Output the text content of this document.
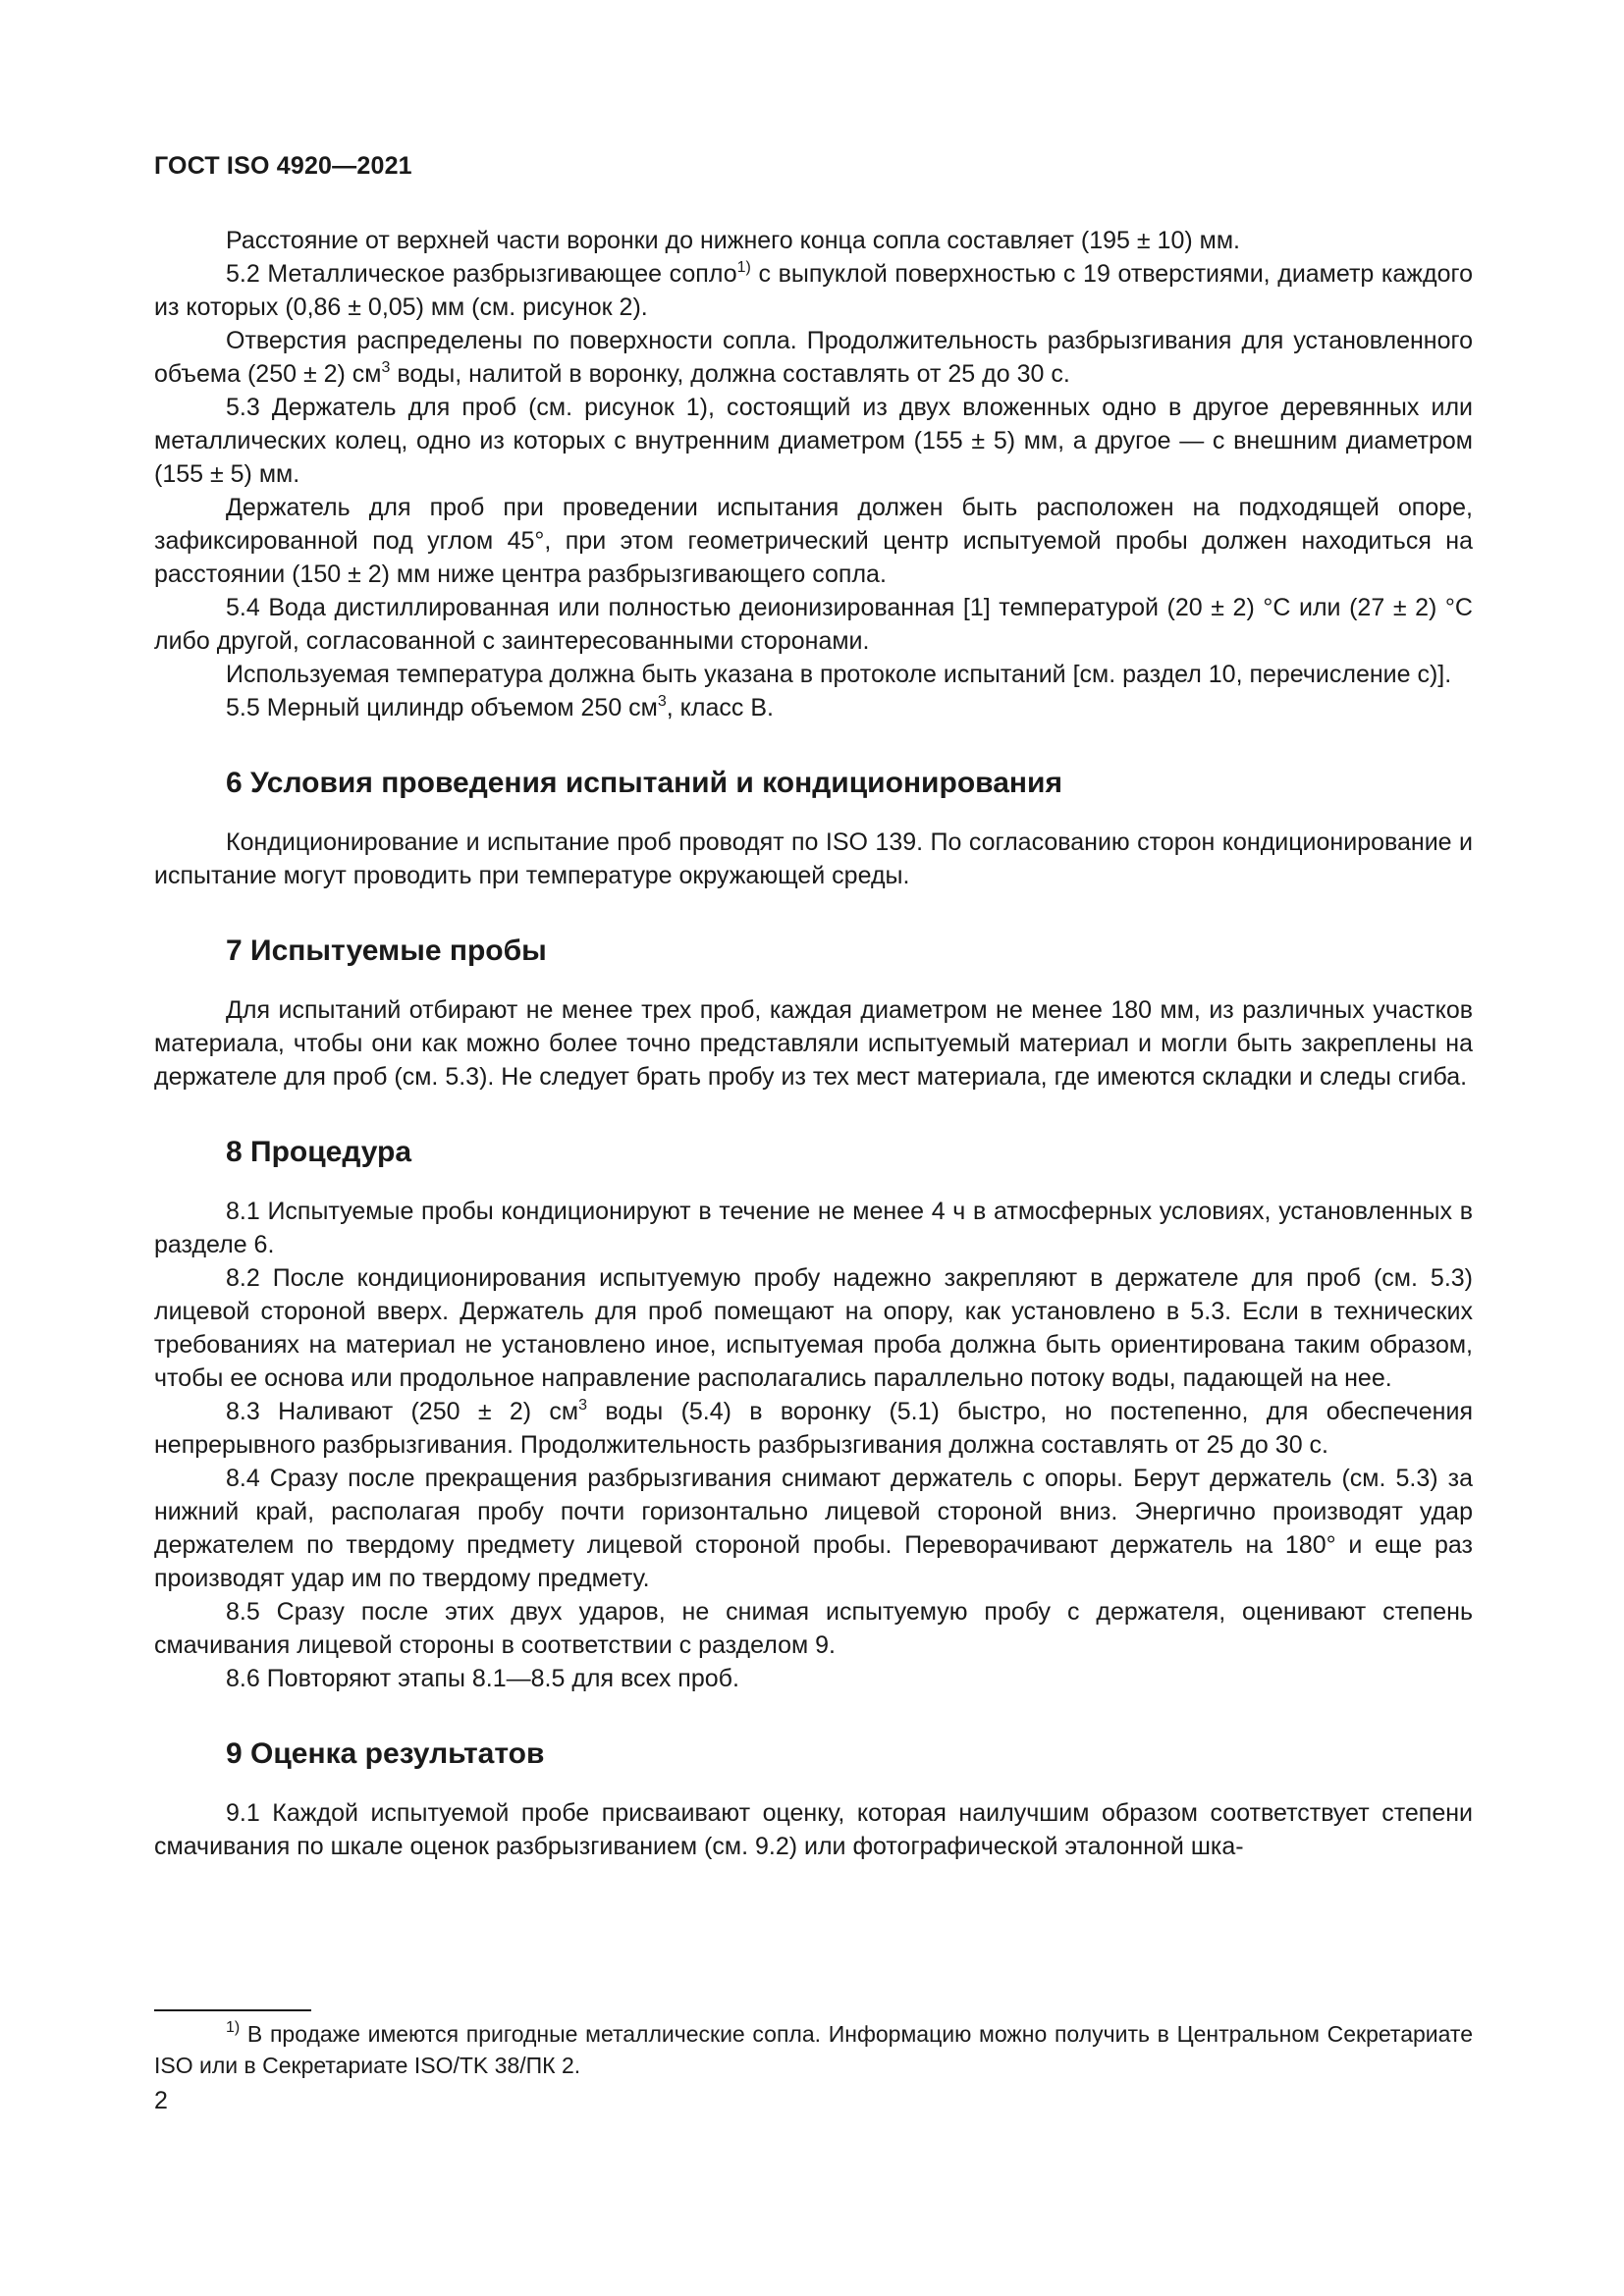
ГОСТ ISO 4920—2021

Расстояние от верхней части воронки до нижнего конца сопла составляет (195 ± 10) мм.

5.2 Металлическое разбрызгивающее сопло$^{1)}$ с выпуклой поверхностью с 19 отверстиями, диаметр каждого из которых (0,86 ± 0,05) мм (см. рисунок 2).

Отверстия распределены по поверхности сопла. Продолжительность разбрызгивания для установленного объема (250 ± 2) $см^3$ воды, налитой в воронку, должна составлять от 25 до 30 с.

5.3 Держатель для проб (см. рисунок 1), состоящий из двух вложенных одно в другое деревянных или металлических колец, одно из которых с внутренним диаметром (155 ± 5) мм, а другое — с внешним диаметром (155 ± 5) мм.

Держатель для проб при проведении испытания должен быть расположен на подходящей опоре, зафиксированной под углом 45°, при этом геометрический центр испытуемой пробы должен находиться на расстоянии (150 ± 2) мм ниже центра разбрызгивающего сопла.

5.4 Вода дистиллированная или полностью деионизированная [1] температурой (20 ± 2) °С или (27 ± 2) °С либо другой, согласованной с заинтересованными сторонами.

Используемая температура должна быть указана в протоколе испытаний [см. раздел 10, перечисление с)].

5.5 Мерный цилиндр объемом 250 $см^3$, класс В.

6 Условия проведения испытаний и кондиционирования

Кондиционирование и испытание проб проводят по ISO 139. По согласованию сторон кондиционирование и испытание могут проводить при температуре окружающей среды.

7 Испытуемые пробы

Для испытаний отбирают не менее трех проб, каждая диаметром не менее 180 мм, из различных участков материала, чтобы они как можно более точно представляли испытуемый материал и могли быть закреплены на держателе для проб (см. 5.3). Не следует брать пробу из тех мест материала, где имеются складки и следы сгиба.

8 Процедура

8.1 Испытуемые пробы кондиционируют в течение не менее 4 ч в атмосферных условиях, установленных в разделе 6.

8.2 После кондиционирования испытуемую пробу надежно закрепляют в держателе для проб (см. 5.3) лицевой стороной вверх. Держатель для проб помещают на опору, как установлено в 5.3. Если в технических требованиях на материал не установлено иное, испытуемая проба должна быть ориентирована таким образом, чтобы ее основа или продольное направление располагались параллельно потоку воды, падающей на нее.

8.3 Наливают (250 ± 2) $см^3$ воды (5.4) в воронку (5.1) быстро, но постепенно, для обеспечения непрерывного разбрызгивания. Продолжительность разбрызгивания должна составлять от 25 до 30 с.

8.4 Сразу после прекращения разбрызгивания снимают держатель с опоры. Берут держатель (см. 5.3) за нижний край, располагая пробу почти горизонтально лицевой стороной вниз. Энергично производят удар держателем по твердому предмету лицевой стороной пробы. Переворачивают держатель на 180° и еще раз производят удар им по твердому предмету.

8.5 Сразу после этих двух ударов, не снимая испытуемую пробу с держателя, оценивают степень смачивания лицевой стороны в соответствии с разделом 9.

8.6 Повторяют этапы 8.1—8.5 для всех проб.

9 Оценка результатов

9.1 Каждой испытуемой пробе присваивают оценку, которая наилучшим образом соответствует степени смачивания по шкале оценок разбрызгиванием (см. 9.2) или фотографической эталонной шка-

$^{1)}$ В продаже имеются пригодные металлические сопла. Информацию можно получить в Центральном Секретариате ISO или в Секретариате ISO/TK 38/ПК 2.
2
